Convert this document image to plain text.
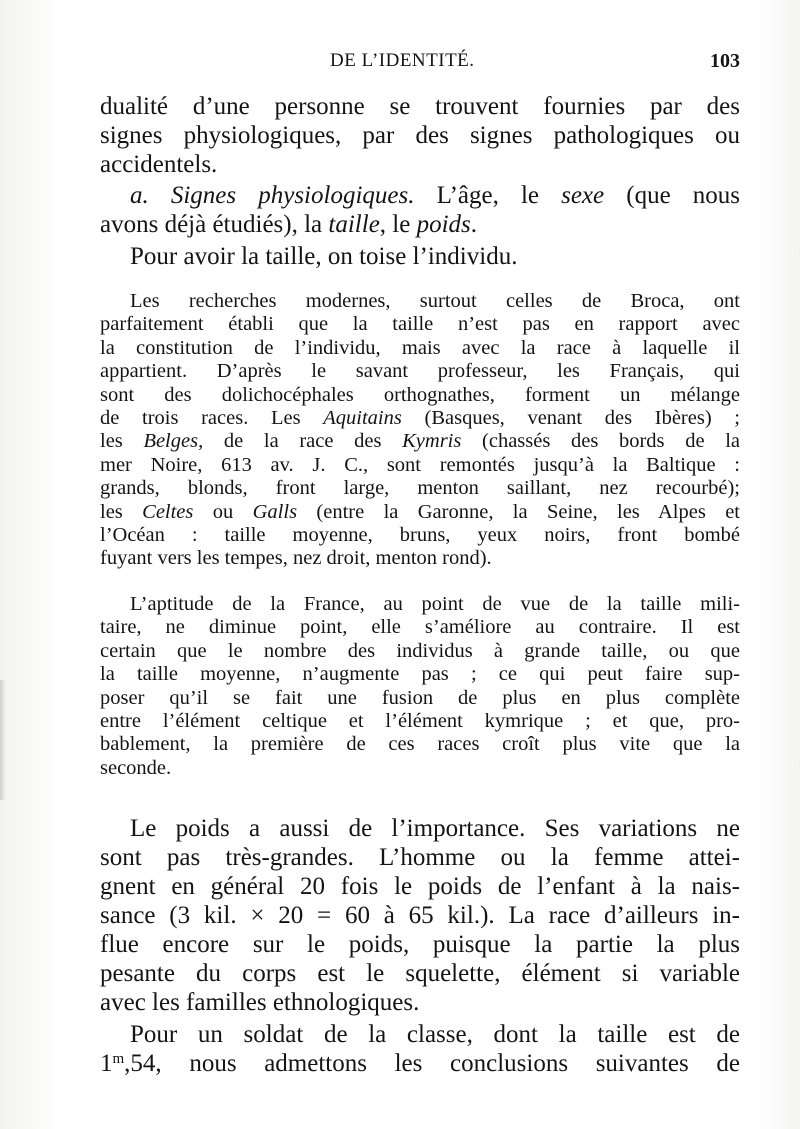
DE L’IDENTITÉ.	103
dualité d’une personne se trouvent fournies par des
signes physiologiques, par des signes pathologiques ou
accidentels.
a. Signes physiologiques. L’âge, le sexe (que nous
avons déjà étudiés), la taille, le poids.
Pour avoir la taille, on toise l’individu.
Les recherches modernes, surtout celles de Broca, ont
parfaitement établi que la taille n’est pas en rapport avec
la constitution de l’individu, mais avec la race à laquelle il
appartient. D’après le savant professeur, les Français, qui
sont des dolichocéphales orthognathes, forment un mélange
de trois races. Les Aquitains (Basques, venant des Ibères) ;
les Belges, de la race des Kymris (chassés des bords de la
mer Noire, 613 av. J. C., sont remontés jusqu’à la Baltique :
grands, blonds, front large, menton saillant, nez recourbé);
les Celtes ou Galls (entre la Garonne, la Seine, les Alpes et
l’Océan : taille moyenne, bruns, yeux noirs, front bombé
fuyant vers les tempes, nez droit, menton rond).
L’aptitude de la France, au point de vue de la taille mili-
taire, ne diminue point, elle s’améliore au contraire. Il est
certain que le nombre des individus à grande taille, ou que
la taille moyenne, n’augmente pas ; ce qui peut faire sup-
poser qu’il se fait une fusion de plus en plus complète
entre l’élément celtique et l’élément kymrique ; et que, pro-
bablement, la première de ces races croît plus vite que la
seconde.
Le poids a aussi de l’importance. Ses variations ne
sont pas très-grandes. L’homme ou la femme attei-
gnent en général 20 fois le poids de l’enfant à la nais-
sance (3 kil. × 20 = 60 à 65 kil.). La race d’ailleurs in-
flue encore sur le poids, puisque la partie la plus
pesante du corps est le squelette, élément si variable
avec les familles ethnologiques.
Pour un soldat de la classe, dont la taille est de
1$^m$,54, nous admettons les conclusions suivantes de
